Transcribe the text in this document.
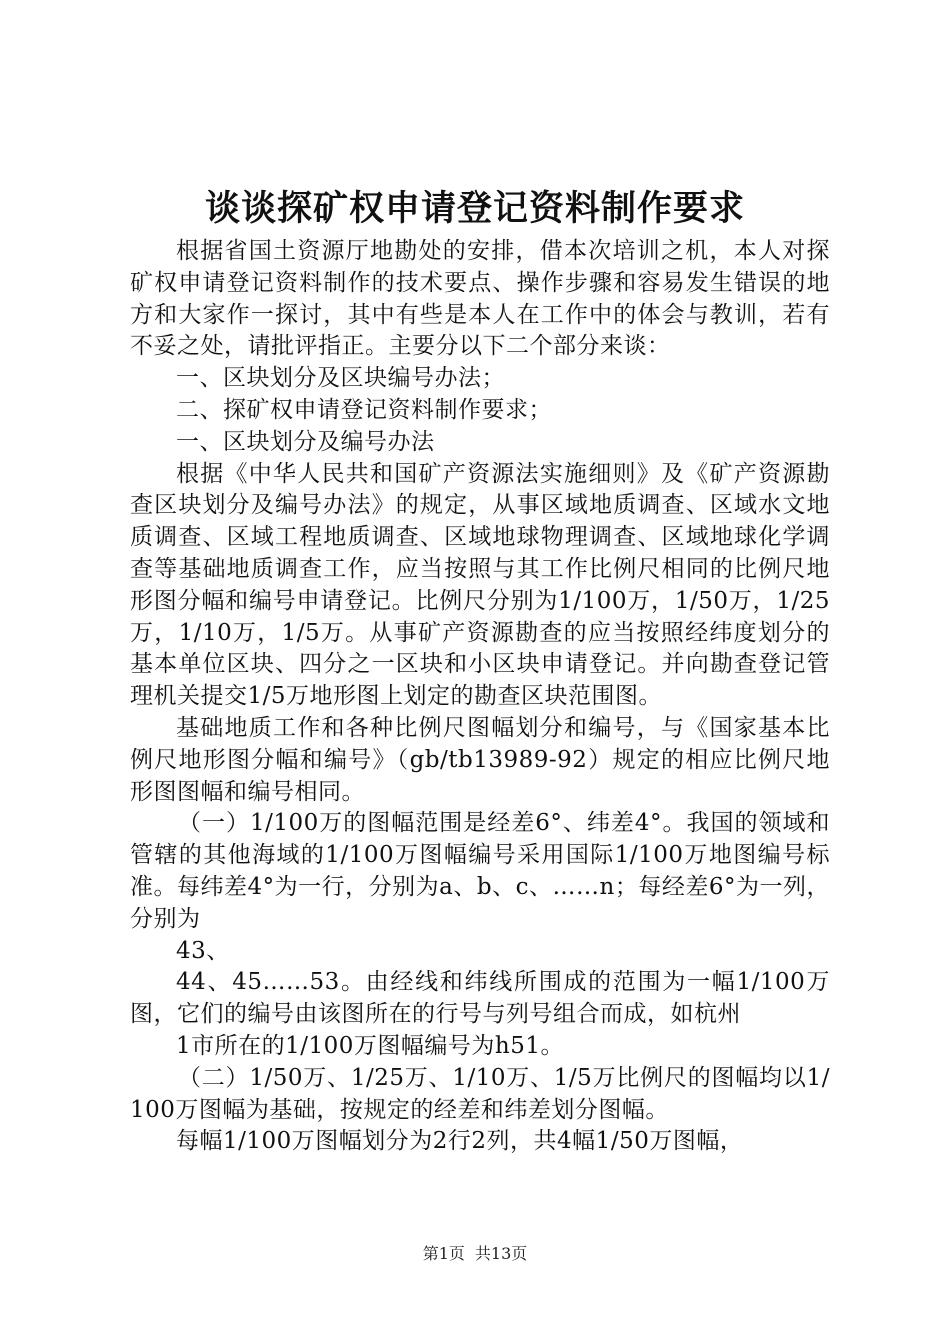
谈谈探矿权申请登记资料制作要求

根据省国土资源厅地勘处的安排，借本次培训之机，本人对探矿权申请登记资料制作的技术要点、操作步骤和容易发生错误的地方和大家作一探讨，其中有些是本人在工作中的体会与教训，若有不妥之处，请批评指正。主要分以下二个部分来谈：

一、区块划分及区块编号办法；

二、探矿权申请登记资料制作要求；

一、区块划分及编号办法

根据《中华人民共和国矿产资源法实施细则》及《矿产资源勘查区块划分及编号办法》的规定，从事区域地质调查、区域水文地质调查、区域工程地质调查、区域地球物理调查、区域地球化学调查等基础地质调查工作，应当按照与其工作比例尺相同的比例尺地形图分幅和编号申请登记。比例尺分别为1/100万，1/50万，1/25万，1/10万，1/5万。从事矿产资源勘查的应当按照经纬度划分的基本单位区块、四分之一区块和小区块申请登记。并向勘查登记管理机关提交1/5万地形图上划定的勘查区块范围图。

基础地质工作和各种比例尺图幅划分和编号，与《国家基本比例尺地形图分幅和编号》（gb/tb13989-92）规定的相应比例尺地形图图幅和编号相同。

（一）1/100万的图幅范围是经差6°、纬差4°。我国的领域和管辖的其他海域的1/100万图幅编号采用国际1/100万地图编号标准。每纬差4°为一行，分别为a、b、c、……n；每经差6°为一列，分别为

43、

44、45……53。由经线和纬线所围成的范围为一幅1/100万图，它们的编号由该图所在的行号与列号组合而成，如杭州

1市所在的1/100万图幅编号为h51。

（二）1/50万、1/25万、1/10万、1/5万比例尺的图幅均以1/100万图幅为基础，按规定的经差和纬差划分图幅。

每幅1/100万图幅划分为2行2列，共4幅1/50万图幅，

第1页 共13页
